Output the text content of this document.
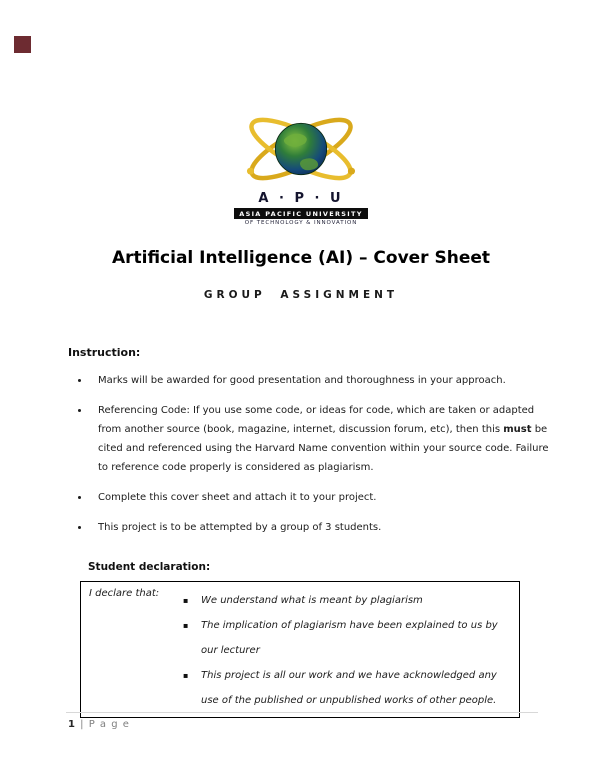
A · P · U
ASIA PACIFIC UNIVERSITY
OF TECHNOLOGY & INNOVATION
Artificial Intelligence (AI) – Cover Sheet
GROUP ASSIGNMENT
Instruction:
• Marks will be awarded for good presentation and thoroughness in your approach.
• Referencing Code: If you use some code, or ideas for code, which are taken or adapted from another source (book, magazine, internet, discussion forum, etc), then this must be cited and referenced using the Harvard Name convention within your source code. Failure to reference code properly is considered as plagiarism.
• Complete this cover sheet and attach it to your project.
• This project is to be attempted by a group of 3 students.
Student declaration:
I declare that:	
▪ We understand what is meant by plagiarism
▪ The implication of plagiarism have been explained to us by our lecturer
▪ This project is all our work and we have acknowledged any use of the published or unpublished works of other people.
1 | P a g e
